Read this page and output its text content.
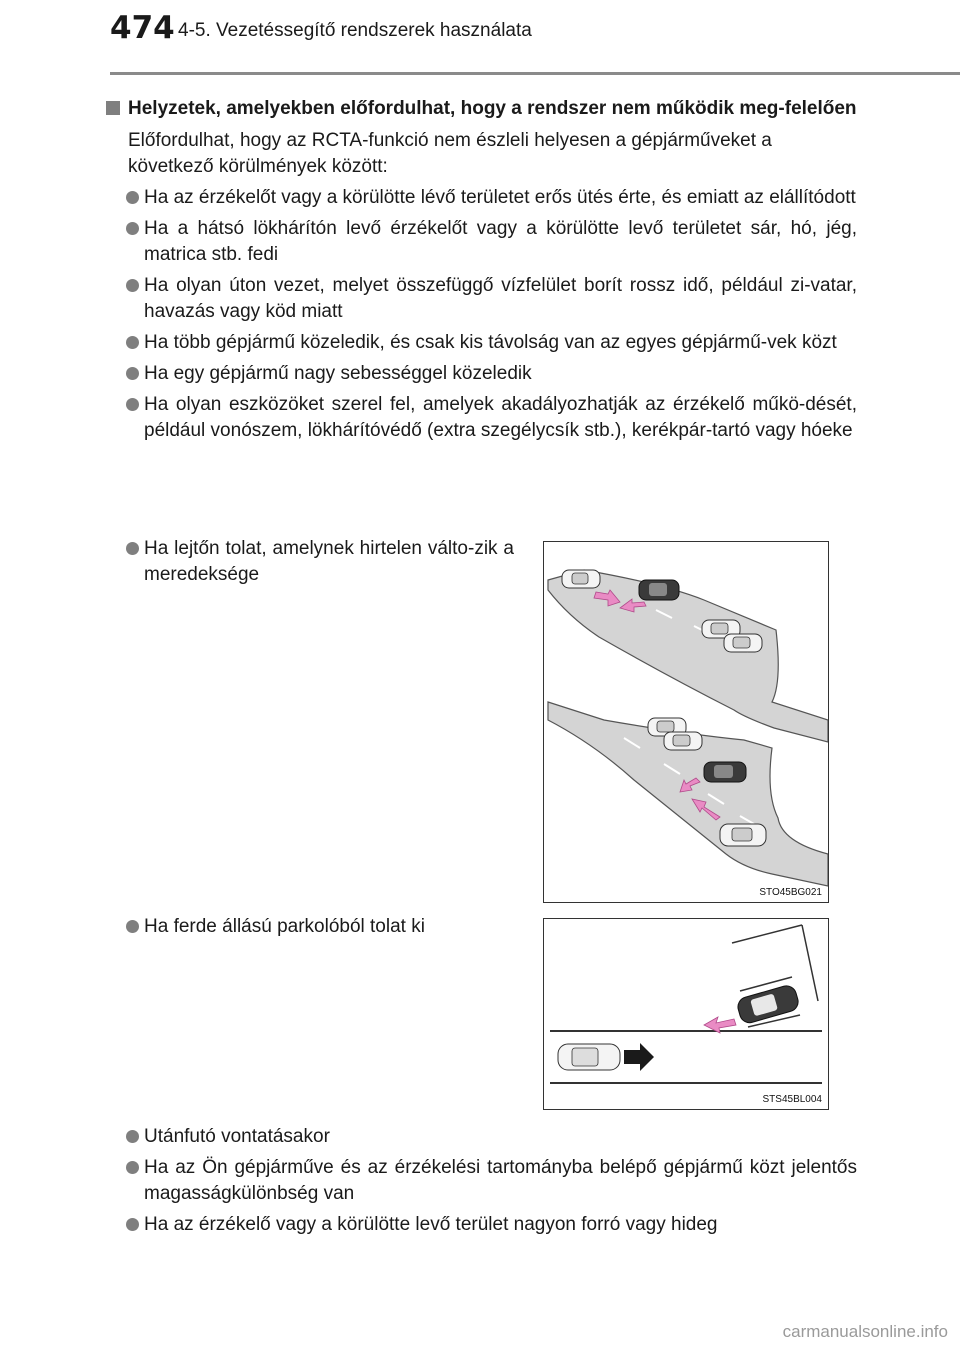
474 4-5. Vezetéssegítő rendszerek használata
Helyzetek, amelyekben előfordulhat, hogy a rendszer nem működik meg-felelően
Előfordulhat, hogy az RCTA-funkció nem észleli helyesen a gépjárműveket a következő körülmények között:
Ha az érzékelőt vagy a körülötte lévő területet erős ütés érte, és emiatt az elállítódott
Ha a hátsó lökhárítón levő érzékelőt vagy a körülötte levő területet sár, hó, jég, matrica stb. fedi
Ha olyan úton vezet, melyet összefüggő vízfelület borít rossz idő, például zi-vatar, havazás vagy köd miatt
Ha több gépjármű közeledik, és csak kis távolság van az egyes gépjármű-vek közt
Ha egy gépjármű nagy sebességgel közeledik
Ha olyan eszközöket szerel fel, amelyek akadályozhatják az érzékelő műkö-dését, például vonószem, lökhárítóvédő (extra szegélycsík stb.), kerékpár-tartó vagy hóeke
Ha lejtőn tolat, amelynek hirtelen válto-zik a meredeksége
STO45BG021
Ha ferde állású parkolóból tolat ki
STS45BL004
Utánfutó vontatásakor
Ha az Ön gépjárműve és az érzékelési tartományba belépő gépjármű közt jelentős magasságkülönbség van
Ha az érzékelő vagy a körülötte levő terület nagyon forró vagy hideg
carmanualsonline.info
